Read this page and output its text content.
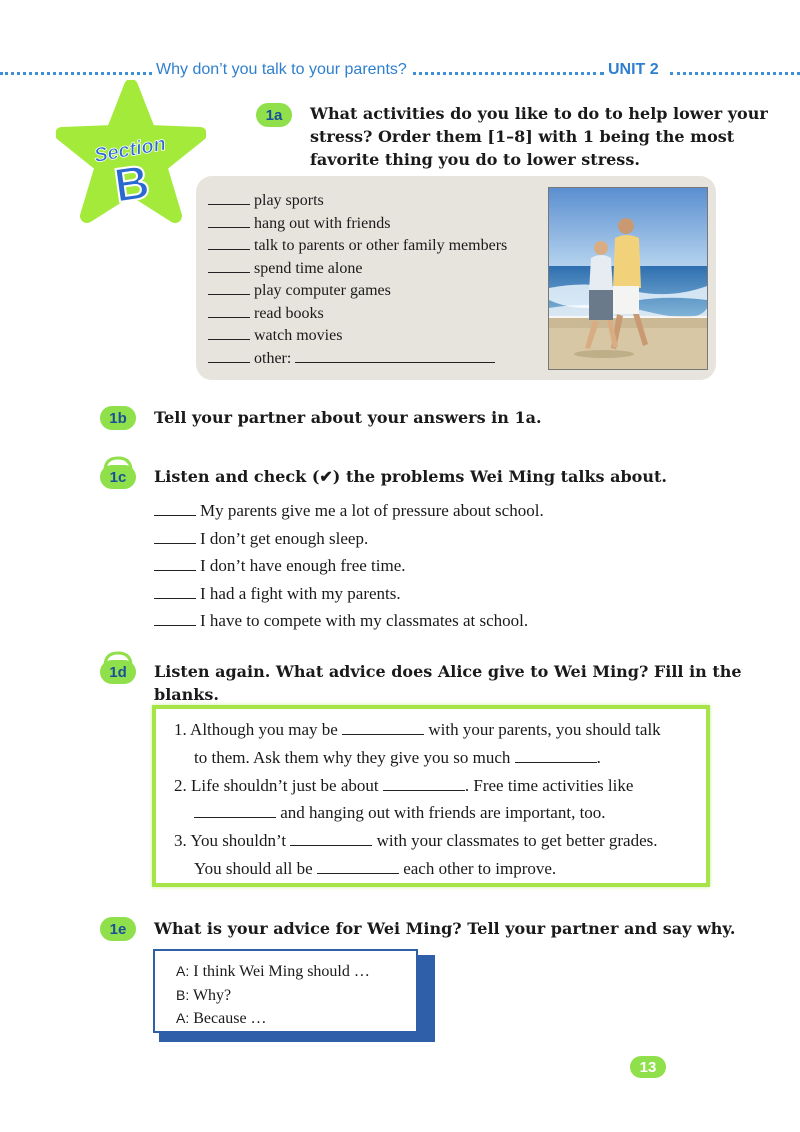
Why don’t you talk to your parents?	UNIT 2
Section
B
1a	What activities do you like to do to help lower your
stress? Order them [1–8] with 1 being the most
favorite thing you do to lower stress.
play sports
hang out with friends
talk to parents or other family members
spend time alone
play computer games
read books
watch movies
other:
1b	Tell your partner about your answers in 1a.
1c	Listen and check (✔) the problems Wei Ming talks about.
My parents give me a lot of pressure about school.
I don’t get enough sleep.
I don’t have enough free time.
I had a fight with my parents.
I have to compete with my classmates at school.
1d	Listen again. What advice does Alice give to Wei Ming? Fill in the blanks.
1. Although you may be	with your parents, you should talk
to them. Ask them why they give you so much	.
2. Life shouldn’t just be about	. Free time activities like
and hanging out with friends are important, too.
3. You shouldn’t	with your classmates to get better grades.
You should all be	each other to improve.
1e	What is your advice for Wei Ming? Tell your partner and say why.
A: I think Wei Ming should …
B: Why?
A: Because …
13
